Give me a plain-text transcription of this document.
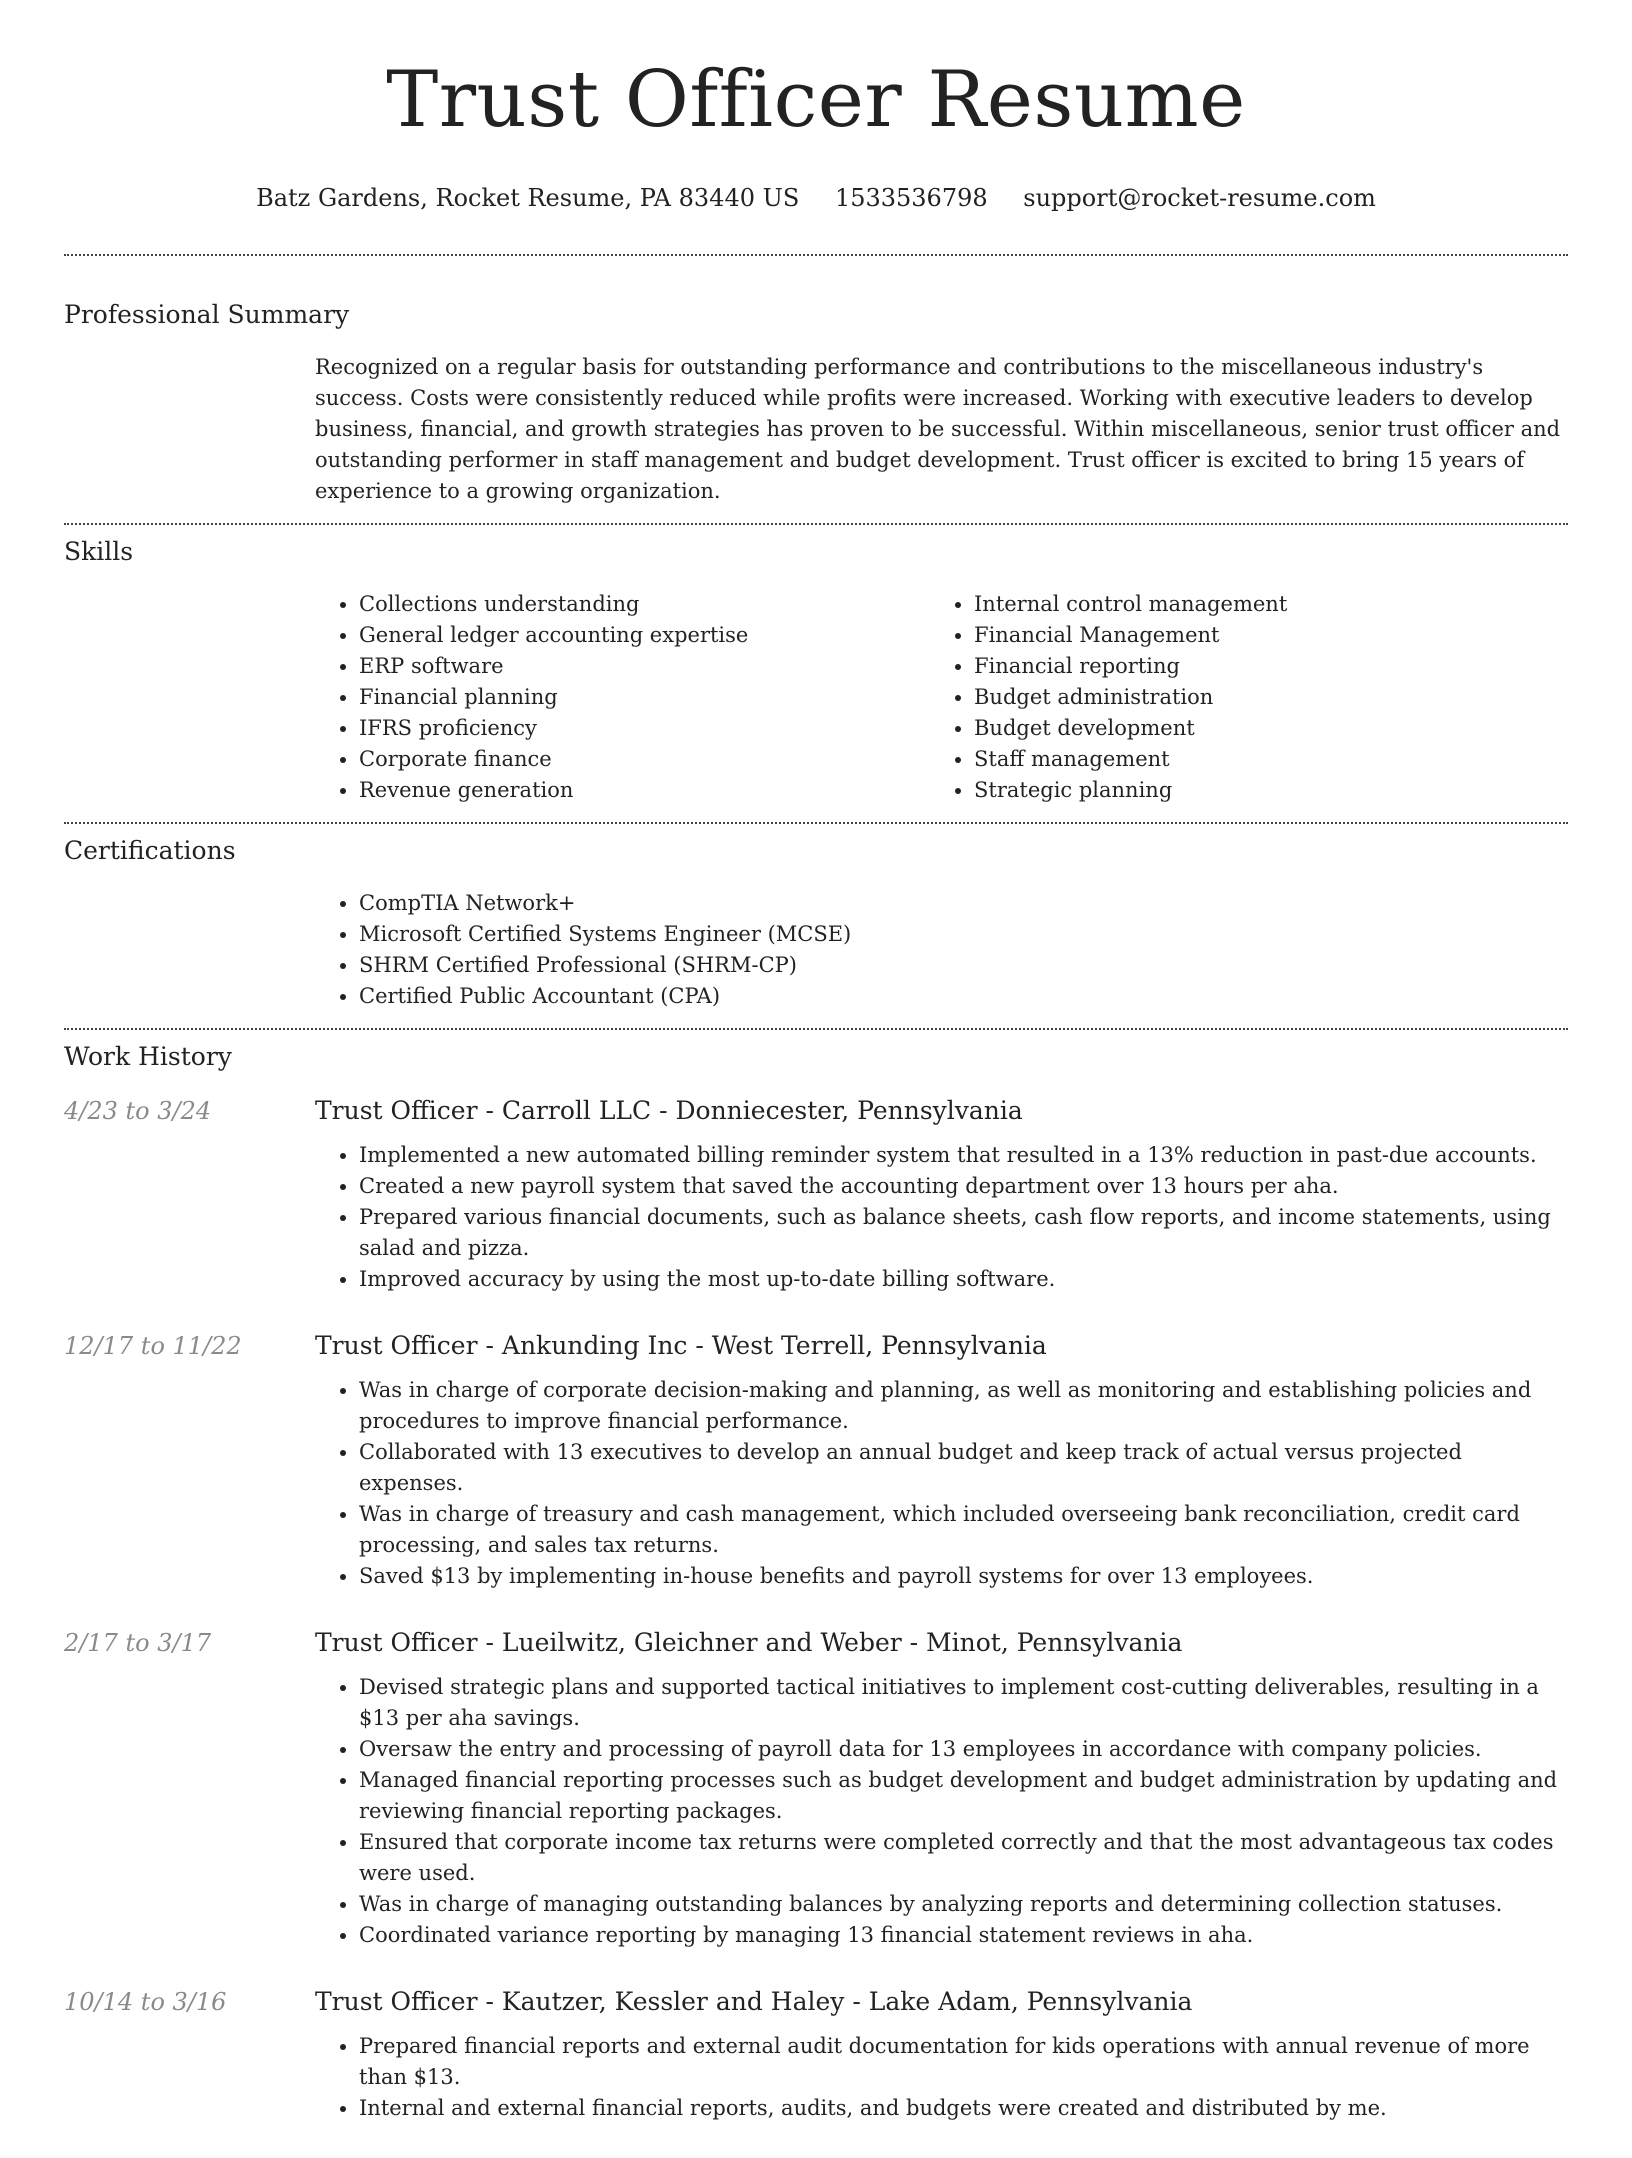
Trust Officer Resume
Batz Gardens, Rocket Resume, PA 83440 US 1533536798 support@rocket-resume.com
Professional Summary

Recognized on a regular basis for outstanding performance and contributions to the miscellaneous industry's success. Costs were consistently reduced while profits were increased. Working with executive leaders to develop business, financial, and growth strategies has proven to be successful. Within miscellaneous, senior trust officer and outstanding performer in staff management and budget development. Trust officer is excited to bring 15 years of experience to a growing organization.

Skills
• Collections understanding
• General ledger accounting expertise
• ERP software
• Financial planning
• IFRS proficiency
• Corporate finance
• Revenue generation
• Internal control management
• Financial Management
• Financial reporting
• Budget administration
• Budget development
• Staff management
• Strategic planning
Certifications
• CompTIA Network+
• Microsoft Certified Systems Engineer (MCSE)
• SHRM Certified Professional (SHRM-CP)
• Certified Public Accountant (CPA)
Work History
4/23 to 3/24	Trust Officer - Carroll LLC - Donniecester, Pennsylvania
• Implemented a new automated billing reminder system that resulted in a 13% reduction in past-due accounts.
• Created a new payroll system that saved the accounting department over 13 hours per aha.
• Prepared various financial documents, such as balance sheets, cash flow reports, and income statements, using salad and pizza.
• Improved accuracy by using the most up-to-date billing software.
12/17 to 11/22	Trust Officer - Ankunding Inc - West Terrell, Pennsylvania
• Was in charge of corporate decision-making and planning, as well as monitoring and establishing policies and procedures to improve financial performance.
• Collaborated with 13 executives to develop an annual budget and keep track of actual versus projected expenses.
• Was in charge of treasury and cash management, which included overseeing bank reconciliation, credit card processing, and sales tax returns.
• Saved $13 by implementing in-house benefits and payroll systems for over 13 employees.
2/17 to 3/17	Trust Officer - Lueilwitz, Gleichner and Weber - Minot, Pennsylvania
• Devised strategic plans and supported tactical initiatives to implement cost-cutting deliverables, resulting in a $13 per aha savings.
• Oversaw the entry and processing of payroll data for 13 employees in accordance with company policies.
• Managed financial reporting processes such as budget development and budget administration by updating and reviewing financial reporting packages.
• Ensured that corporate income tax returns were completed correctly and that the most advantageous tax codes were used.
• Was in charge of managing outstanding balances by analyzing reports and determining collection statuses.
• Coordinated variance reporting by managing 13 financial statement reviews in aha.
10/14 to 3/16	Trust Officer - Kautzer, Kessler and Haley - Lake Adam, Pennsylvania
• Prepared financial reports and external audit documentation for kids operations with annual revenue of more than $13.
• Internal and external financial reports, audits, and budgets were created and distributed by me.
